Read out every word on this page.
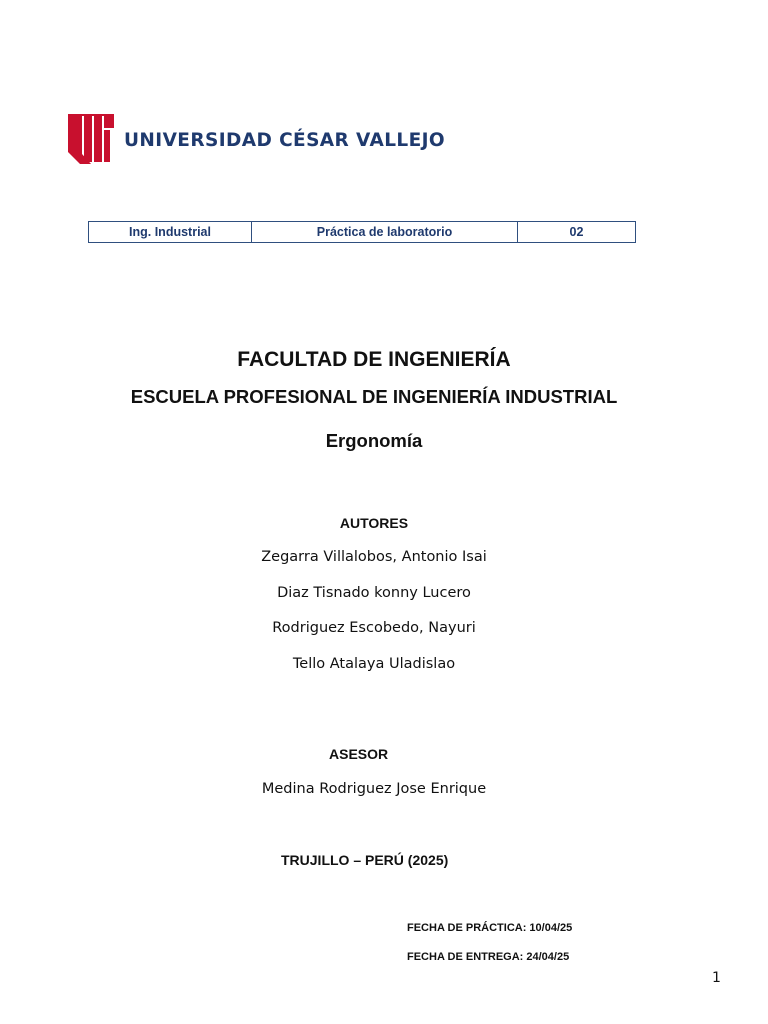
UNIVERSIDAD CÉSAR VALLEJO
Ing. Industrial	Práctica de laboratorio	02
FACULTAD DE INGENIERÍA
ESCUELA PROFESIONAL DE INGENIERÍA INDUSTRIAL
Ergonomía
AUTORES
Zegarra Villalobos, Antonio Isai
Diaz Tisnado konny Lucero
Rodriguez Escobedo, Nayuri
Tello Atalaya Uladislao
ASESOR
Medina Rodriguez Jose Enrique
TRUJILLO – PERÚ (2025)
FECHA DE PRÁCTICA: 10/04/25
FECHA DE ENTREGA: 24/04/25
1
